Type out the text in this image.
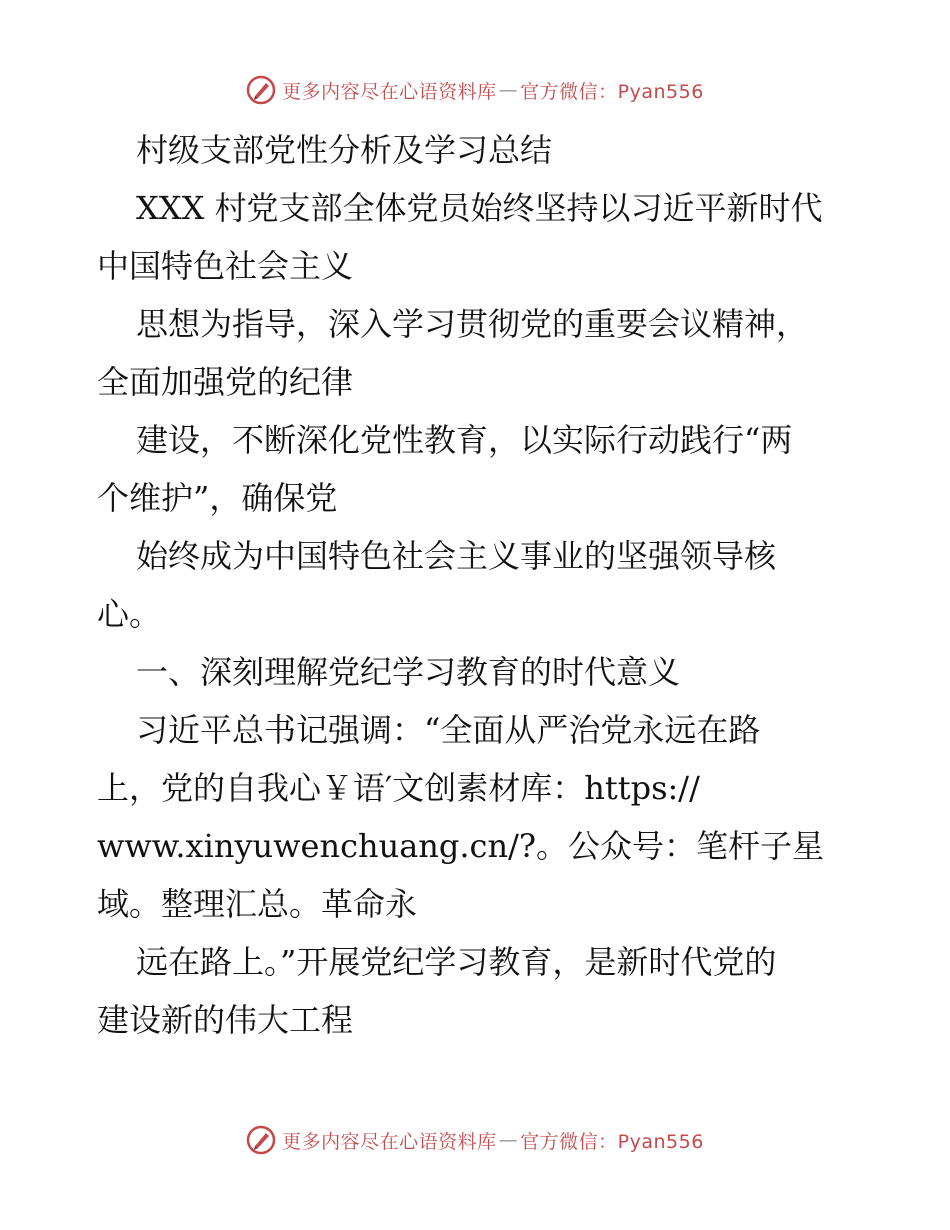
更多内容尽在心语资料库 — 官方微信：Pyan556
村级支部党性分析及学习总结
XXX 村党支部全体党员始终坚持以习近平新时代
中国特色社会主义
思想为指导，深入学习贯彻党的重要会议精神，
全面加强党的纪律
建设，不断深化党性教育，以实际行动践行“两
个维护”，确保党
始终成为中国特色社会主义事业的坚强领导核
心。
一、深刻理解党纪学习教育的时代意义
习近平总书记强调：“全面从严治党永远在路
上，党的自我心￥语′文创素材库：https://
www.xinyuwenchuang.cn/?。公众号：笔杆子星
域。整理汇总。革命永
远在路上。”开展党纪学习教育，是新时代党的
建设新的伟大工程
更多内容尽在心语资料库 — 官方微信：Pyan556
